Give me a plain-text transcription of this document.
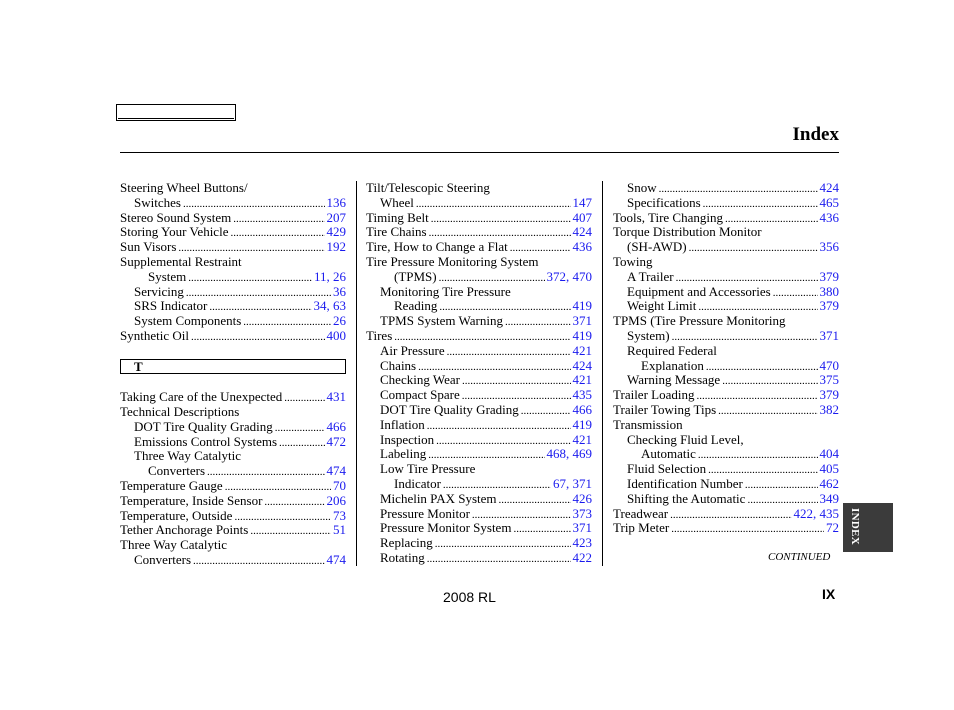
Index
Steering Wheel Buttons/
Switches .....	136
Stereo Sound System .....	207
Storing Your Vehicle .....	429
Sun Visors .....	192
Supplemental Restraint
System .....	11, 26
Servicing .....	36
SRS Indicator .....	34, 63
System Components .....	26
Synthetic Oil .....	400
T
Taking Care of the Unexpected .....	431
Technical Descriptions
DOT Tire Quality Grading .....	466
Emissions Control Systems .....	472
Three Way Catalytic
Converters .....	474
Temperature Gauge .....	70
Temperature, Inside Sensor .....	206
Temperature, Outside .....	73
Tether Anchorage Points .....	51
Three Way Catalytic
Converters .....	474
Tilt/Telescopic Steering
Wheel .....	147
Timing Belt .....	407
Tire Chains .....	424
Tire, How to Change a Flat .....	436
Tire Pressure Monitoring System
(TPMS) .....	372, 470
Monitoring Tire Pressure
Reading .....	419
TPMS System Warning .....	371
Tires .....	419
Air Pressure .....	421
Chains .....	424
Checking Wear .....	421
Compact Spare .....	435
DOT Tire Quality Grading .....	466
Inflation .....	419
Inspection .....	421
Labeling .....	468, 469
Low Tire Pressure
Indicator .....	67, 371
Michelin PAX System .....	426
Pressure Monitor .....	373
Pressure Monitor System .....	371
Replacing .....	423
Rotating .....	422
Snow .....	424
Specifications .....	465
Tools, Tire Changing .....	436
Torque Distribution Monitor
(SH-AWD) .....	356
Towing
A Trailer .....	379
Equipment and Accessories .....	380
Weight Limit .....	379
TPMS (Tire Pressure Monitoring
System) .....	371
Required Federal
Explanation .....	470
Warning Message .....	375
Trailer Loading .....	379
Trailer Towing Tips .....	382
Transmission
Checking Fluid Level,
Automatic .....	404
Fluid Selection .....	405
Identification Number .....	462
Shifting the Automatic .....	349
Treadwear .....	422, 435
Trip Meter .....	72
CONTINUED
2008 RL	IX
INDEX
